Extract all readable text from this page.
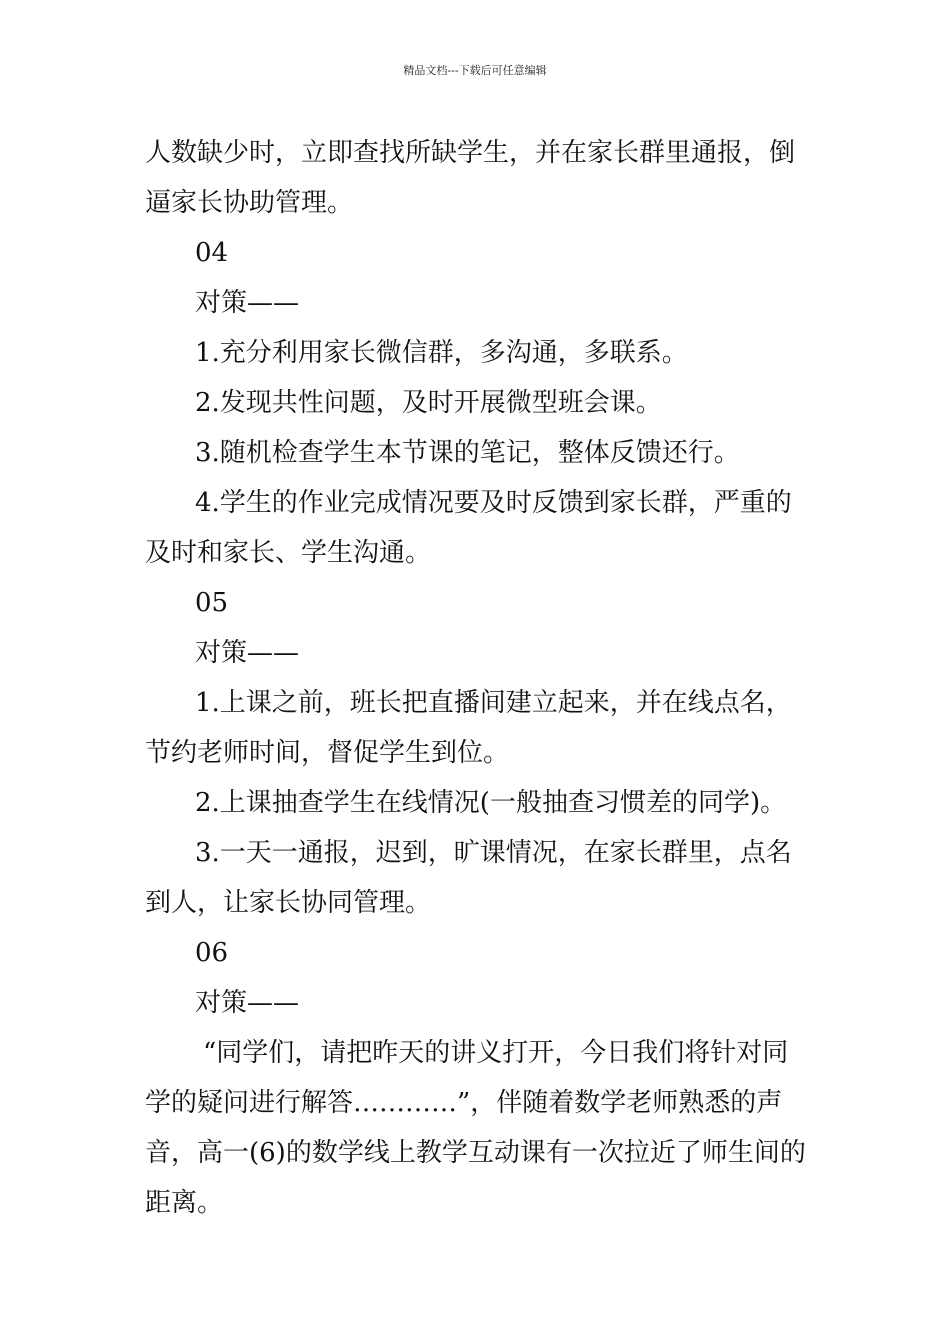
精品文档---下载后可任意编辑

人数缺少时，立即查找所缺学生，并在家长群里通报，倒

逼家长协助管理。

04

对策——

1.充分利用家长微信群，多沟通，多联系。

2.发现共性问题，及时开展微型班会课。

3.随机检查学生本节课的笔记，整体反馈还行。

4.学生的作业完成情况要及时反馈到家长群，严重的

及时和家长、学生沟通。

05

对策——

1.上课之前，班长把直播间建立起来，并在线点名，

节约老师时间，督促学生到位。

2.上课抽查学生在线情况(一般抽查习惯差的同学)。

3.一天一通报，迟到，旷课情况，在家长群里，点名

到人，让家长协同管理。

06

对策——

“同学们，请把昨天的讲义打开，今日我们将针对同

学的疑问进行解答…………”，伴随着数学老师熟悉的声

音，高一(6)的数学线上教学互动课有一次拉近了师生间的

距离。
